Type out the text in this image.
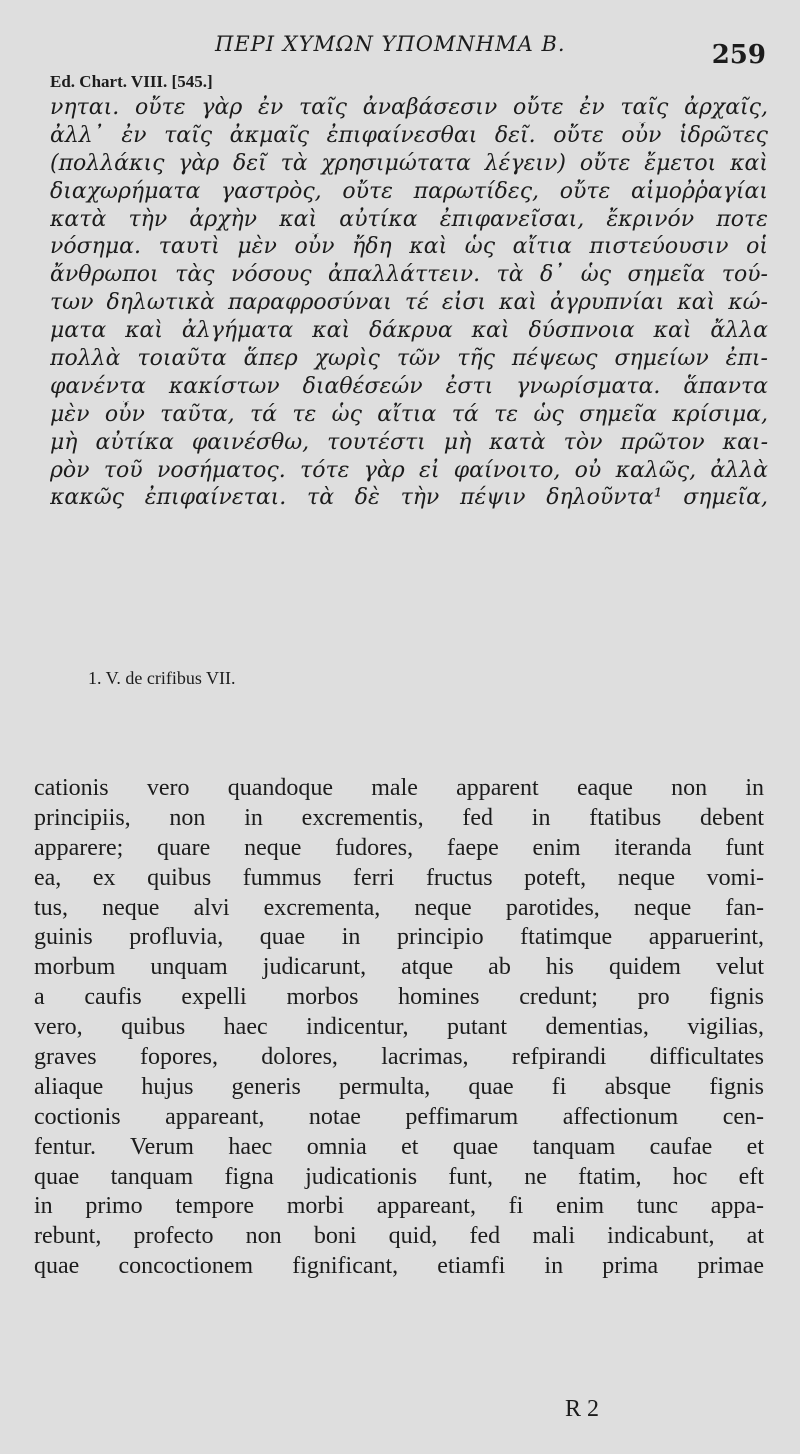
ΠΕΡΙ ΧΥΜΩΝ ΥΠΟΜΝΗΜΑ Β.	259
Ed. Chart. VIII. [545.]
νηται. οὔτε γὰρ ἐν ταῖς ἀναβάσεσιν οὔτε ἐν ταῖς ἀρχαῖς,
ἀλλ᾽ ἐν ταῖς ἀκμαῖς ἐπιφαίνεσθαι δεῖ. οὔτε οὖν ἱδρῶτες
(πολλάκις γὰρ δεῖ τὰ χρησιμώτατα λέγειν) οὔτε ἔμετοι καὶ
διαχωρήματα γαστρὸς, οὔτε παρωτίδες, οὔτε αἱμοῤῥαγίαι
κατὰ τὴν ἀρχὴν καὶ αὐτίκα ἐπιφανεῖσαι, ἔκρινόν ποτε
νόσημα. ταυτὶ μὲν οὖν ἤδη καὶ ὡς αἴτια πιστεύουσιν οἱ
ἄνθρωποι τὰς νόσους ἀπαλλάττειν. τὰ δ᾽ ὡς σημεῖα τού-
των δηλωτικὰ παραφροσύναι τέ εἰσι καὶ ἀγρυπνίαι καὶ κώ-
ματα καὶ ἀλγήματα καὶ δάκρυα καὶ δύσπνοια καὶ ἄλλα
πολλὰ τοιαῦτα ἅπερ χωρὶς τῶν τῆς πέψεως σημείων ἐπι-
φανέντα κακίστων διαθέσεών ἐστι γνωρίσματα. ἅπαντα
μὲν οὖν ταῦτα, τά τε ὡς αἴτια τά τε ὡς σημεῖα κρίσιμα,
μὴ αὐτίκα φαινέσθω, τουτέστι μὴ κατὰ τὸν πρῶτον και-
ρὸν τοῦ νοσήματος. τότε γὰρ εἰ φαίνοιτο, οὐ καλῶς, ἀλλὰ
κακῶς ἐπιφαίνεται. τὰ δὲ τὴν πέψιν δηλοῦντα¹ σημεῖα,
1. V. de crifibus VII.
cationis vero quandoque male apparent eaque non in
principiis, non in excrementis, fed in ftatibus debent
apparere; quare neque fudores, faepe enim iteranda funt
ea, ex quibus fummus ferri fructus poteft, neque vomi-
tus, neque alvi excrementa, neque parotides, neque fan-
guinis profluvia, quae in principio ftatimque apparuerint,
morbum unquam judicarunt, atque ab his quidem velut
a caufis expelli morbos homines credunt; pro fignis
vero, quibus haec indicentur, putant dementias, vigilias,
graves fopores, dolores, lacrimas, refpirandi difficultates
aliaque hujus generis permulta, quae fi absque fignis
coctionis appareant, notae peffimarum affectionum cen-
fentur. Verum haec omnia et quae tanquam caufae et
quae tanquam figna judicationis funt, ne ftatim, hoc eft
in primo tempore morbi appareant, fi enim tunc appa-
rebunt, profecto non boni quid, fed mali indicabunt, at
quae concoctionem fignificant, etiamfi in prima primae
R 2
